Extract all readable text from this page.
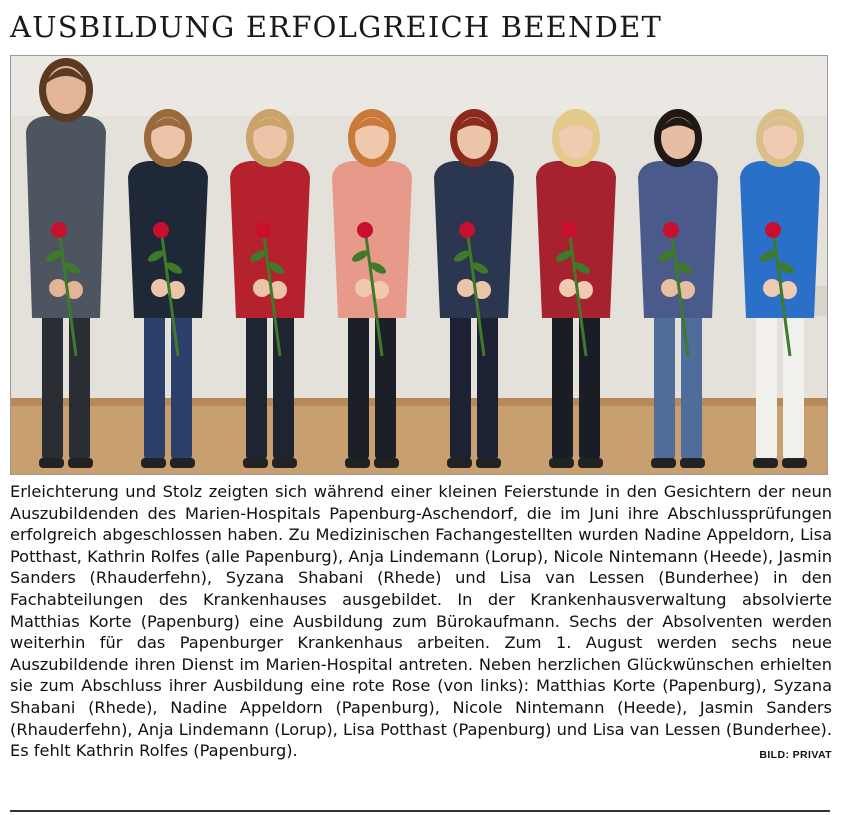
AUSBILDUNG ERFOLGREICH BEENDET

Erleichterung und Stolz zeigten sich während einer kleinen Feierstunde in den Gesichtern der neun Auszubildenden des Marien-Hospitals Papenburg-Aschendorf, die im Juni ihre Abschlussprüfungen erfolgreich abgeschlossen haben. Zu Medizinischen Fachangestellten wurden Nadine Appeldorn, Lisa Potthast, Kathrin Rolfes (alle Papenburg), Anja Lindemann (Lorup), Nicole Nintemann (Heede), Jasmin Sanders (Rhauderfehn), Syzana Shabani (Rhede) und Lisa van Lessen (Bunderhee) in den Fachabteilungen des Krankenhauses ausgebildet. In der Krankenhausverwaltung absolvierte Matthias Korte (Papenburg) eine Ausbildung zum Bürokaufmann. Sechs der Absolventen werden weiterhin für das Papenburger Krankenhaus arbeiten. Zum 1. August werden sechs neue Auszubildende ihren Dienst im Marien-Hospital antreten. Neben herzlichen Glückwünschen erhielten sie zum Abschluss ihrer Ausbildung eine rote Rose (von links): Matthias Korte (Papenburg), Syzana Shabani (Rhede), Nadine Appeldorn (Papenburg), Nicole Nintemann (Heede), Jasmin Sanders (Rhauderfehn), Anja Lindemann (Lorup), Lisa Potthast (Papenburg) und Lisa van Lessen (Bunderhee). Es fehlt Kathrin Rolfes (Papenburg).	BILD: PRIVAT
